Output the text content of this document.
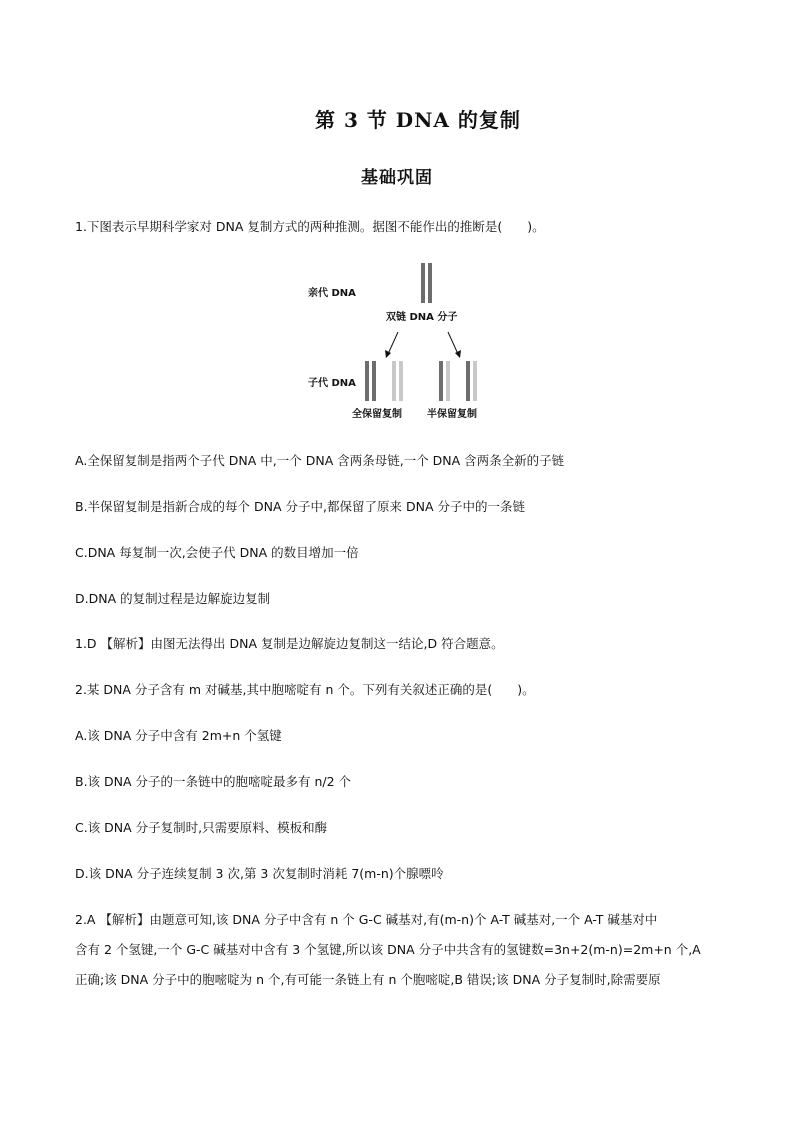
第 3 节 DNA 的复制
基础巩固
1.下图表示早期科学家对 DNA 复制方式的两种推测。据图不能作出的推断是(　　)。
亲代 DNA
双链 DNA 分子
子代 DNA
全保留复制	半保留复制
A.全保留复制是指两个子代 DNA 中,一个 DNA 含两条母链,一个 DNA 含两条全新的子链
B.半保留复制是指新合成的每个 DNA 分子中,都保留了原来 DNA 分子中的一条链
C.DNA 每复制一次,会使子代 DNA 的数目增加一倍
D.DNA 的复制过程是边解旋边复制
1.D 【解析】由图无法得出 DNA 复制是边解旋边复制这一结论,D 符合题意。
2.某 DNA 分子含有 m 对碱基,其中胞嘧啶有 n 个。下列有关叙述正确的是(　　)。
A.该 DNA 分子中含有 2m+n 个氢键
B.该 DNA 分子的一条链中的胞嘧啶最多有 n/2 个
C.该 DNA 分子复制时,只需要原料、模板和酶
D.该 DNA 分子连续复制 3 次,第 3 次复制时消耗 7(m-n)个腺嘌呤
2.A 【解析】由题意可知,该 DNA 分子中含有 n 个 G-C 碱基对,有(m-n)个 A-T 碱基对,一个 A-T 碱基对中
含有 2 个氢键,一个 G-C 碱基对中含有 3 个氢键,所以该 DNA 分子中共含有的氢键数=3n+2(m-n)=2m+n 个,A
正确;该 DNA 分子中的胞嘧啶为 n 个,有可能一条链上有 n 个胞嘧啶,B 错误;该 DNA 分子复制时,除需要原
